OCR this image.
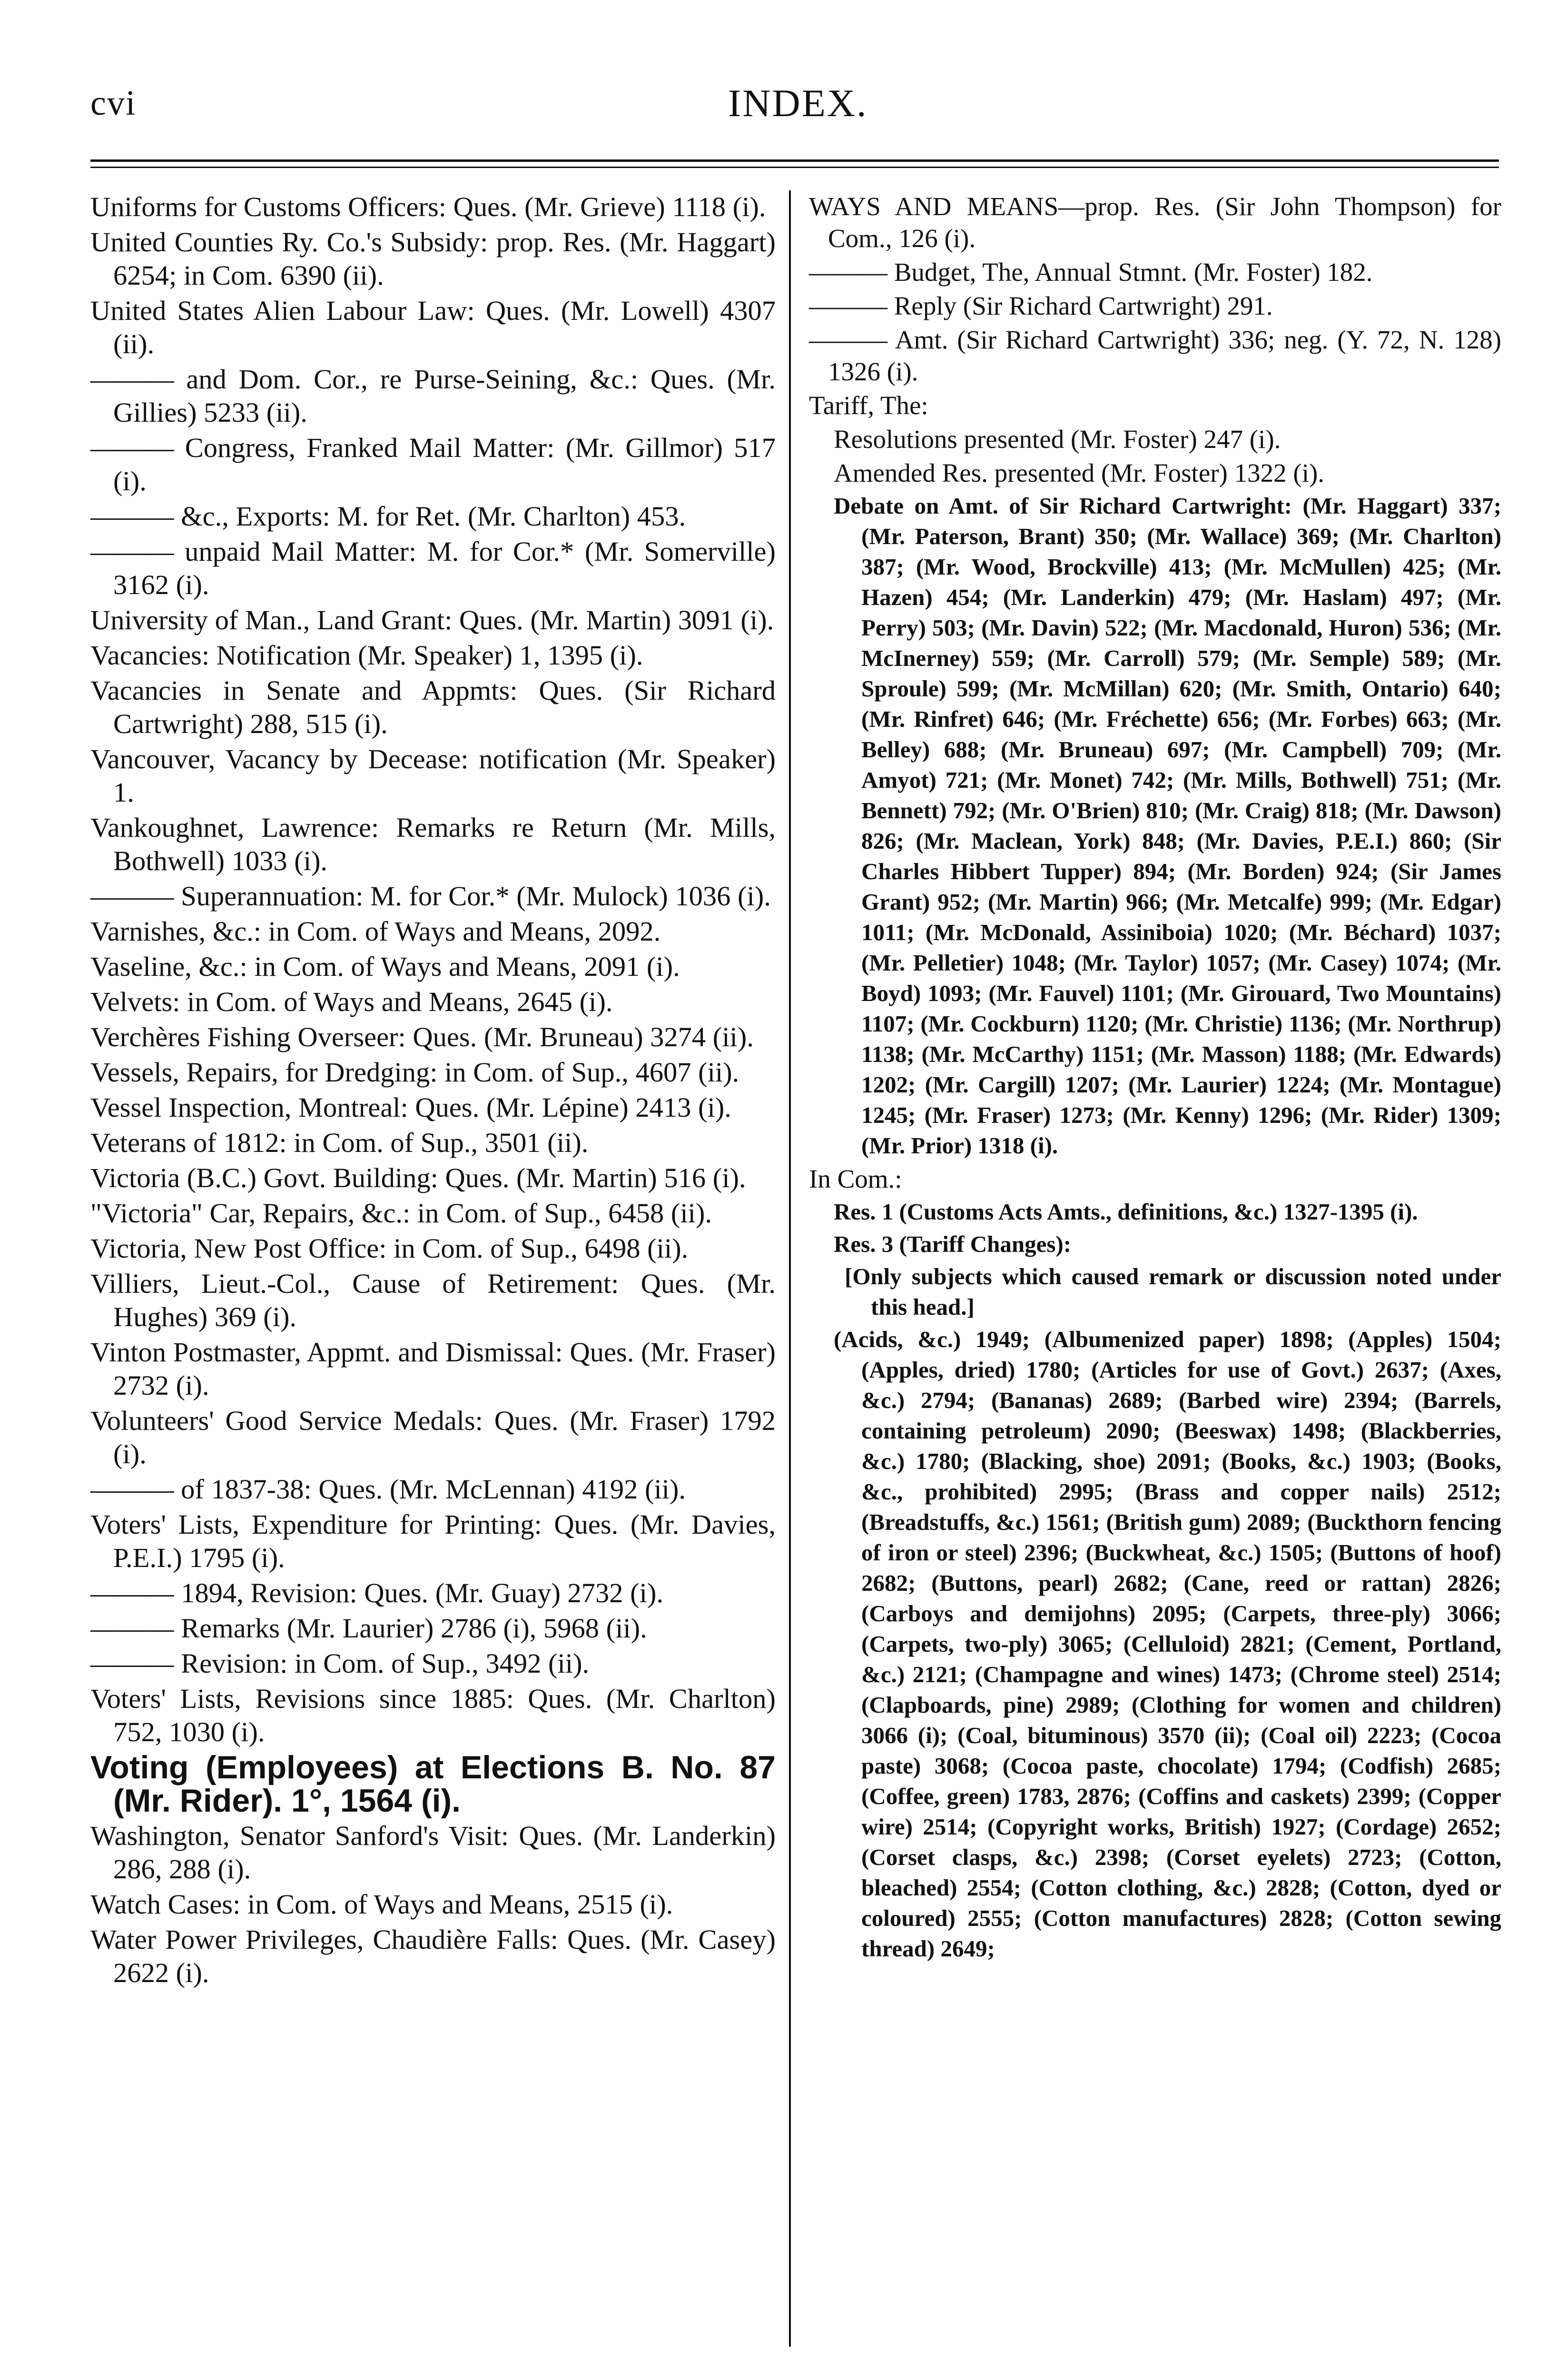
cvi	INDEX.

Uniforms for Customs Officers: Ques. (Mr. Grieve) 1118 (i).

United Counties Ry. Co.'s Subsidy: prop. Res. (Mr. Haggart) 6254; in Com. 6390 (ii).

United States Alien Labour Law: Ques. (Mr. Lowell) 4307 (ii).

——— and Dom. Cor., re Purse-Seining, &c.: Ques. (Mr. Gillies) 5233 (ii).

——— Congress, Franked Mail Matter: (Mr. Gillmor) 517 (i).

——— &c., Exports: M. for Ret. (Mr. Charlton) 453.

——— unpaid Mail Matter: M. for Cor.* (Mr. Somerville) 3162 (i).

University of Man., Land Grant: Ques. (Mr. Martin) 3091 (i).

Vacancies: Notification (Mr. Speaker) 1, 1395 (i).

Vacancies in Senate and Appmts: Ques. (Sir Richard Cartwright) 288, 515 (i).

Vancouver, Vacancy by Decease: notification (Mr. Speaker) 1.

Vankoughnet, Lawrence: Remarks re Return (Mr. Mills, Bothwell) 1033 (i).

——— Superannuation: M. for Cor.* (Mr. Mulock) 1036 (i).

Varnishes, &c.: in Com. of Ways and Means, 2092.

Vaseline, &c.: in Com. of Ways and Means, 2091 (i).

Velvets: in Com. of Ways and Means, 2645 (i).

Verchères Fishing Overseer: Ques. (Mr. Bruneau) 3274 (ii).

Vessels, Repairs, for Dredging: in Com. of Sup., 4607 (ii).

Vessel Inspection, Montreal: Ques. (Mr. Lépine) 2413 (i).

Veterans of 1812: in Com. of Sup., 3501 (ii).

Victoria (B.C.) Govt. Building: Ques. (Mr. Martin) 516 (i).

"Victoria" Car, Repairs, &c.: in Com. of Sup., 6458 (ii).

Victoria, New Post Office: in Com. of Sup., 6498 (ii).

Villiers, Lieut.-Col., Cause of Retirement: Ques. (Mr. Hughes) 369 (i).

Vinton Postmaster, Appmt. and Dismissal: Ques. (Mr. Fraser) 2732 (i).

Volunteers' Good Service Medals: Ques. (Mr. Fraser) 1792 (i).

——— of 1837-38: Ques. (Mr. McLennan) 4192 (ii).

Voters' Lists, Expenditure for Printing: Ques. (Mr. Davies, P.E.I.) 1795 (i).

——— 1894, Revision: Ques. (Mr. Guay) 2732 (i).

——— Remarks (Mr. Laurier) 2786 (i), 5968 (ii).

——— Revision: in Com. of Sup., 3492 (ii).

Voters' Lists, Revisions since 1885: Ques. (Mr. Charlton) 752, 1030 (i).

Voting (Employees) at Elections B. No. 87 (Mr. Rider). 1°, 1564 (i).

Washington, Senator Sanford's Visit: Ques. (Mr. Landerkin) 286, 288 (i).

Watch Cases: in Com. of Ways and Means, 2515 (i).

Water Power Privileges, Chaudière Falls: Ques. (Mr. Casey) 2622 (i).

WAYS AND MEANS—prop. Res. (Sir John Thompson) for Com., 126 (i).

——— Budget, The, Annual Stmnt. (Mr. Foster) 182.

——— Reply (Sir Richard Cartwright) 291.

——— Amt. (Sir Richard Cartwright) 336; neg. (Y. 72, N. 128) 1326 (i).

Tariff, The:

Resolutions presented (Mr. Foster) 247 (i).

Amended Res. presented (Mr. Foster) 1322 (i).

Debate on Amt. of Sir Richard Cartwright: (Mr. Haggart) 337; (Mr. Paterson, Brant) 350; (Mr. Wallace) 369; (Mr. Charlton) 387; (Mr. Wood, Brockville) 413; (Mr. McMullen) 425; (Mr. Hazen) 454; (Mr. Landerkin) 479; (Mr. Haslam) 497; (Mr. Perry) 503; (Mr. Davin) 522; (Mr. Macdonald, Huron) 536; (Mr. McInerney) 559; (Mr. Carroll) 579; (Mr. Semple) 589; (Mr. Sproule) 599; (Mr. McMillan) 620; (Mr. Smith, Ontario) 640; (Mr. Rinfret) 646; (Mr. Fréchette) 656; (Mr. Forbes) 663; (Mr. Belley) 688; (Mr. Bruneau) 697; (Mr. Campbell) 709; (Mr. Amyot) 721; (Mr. Monet) 742; (Mr. Mills, Bothwell) 751; (Mr. Bennett) 792; (Mr. O'Brien) 810; (Mr. Craig) 818; (Mr. Dawson) 826; (Mr. Maclean, York) 848; (Mr. Davies, P.E.I.) 860; (Sir Charles Hibbert Tupper) 894; (Mr. Borden) 924; (Sir James Grant) 952; (Mr. Martin) 966; (Mr. Metcalfe) 999; (Mr. Edgar) 1011; (Mr. McDonald, Assiniboia) 1020; (Mr. Béchard) 1037; (Mr. Pelletier) 1048; (Mr. Taylor) 1057; (Mr. Casey) 1074; (Mr. Boyd) 1093; (Mr. Fauvel) 1101; (Mr. Girouard, Two Mountains) 1107; (Mr. Cockburn) 1120; (Mr. Christie) 1136; (Mr. Northrup) 1138; (Mr. McCarthy) 1151; (Mr. Masson) 1188; (Mr. Edwards) 1202; (Mr. Cargill) 1207; (Mr. Laurier) 1224; (Mr. Montague) 1245; (Mr. Fraser) 1273; (Mr. Kenny) 1296; (Mr. Rider) 1309; (Mr. Prior) 1318 (i).

In Com.:

Res. 1 (Customs Acts Amts., definitions, &c.) 1327-1395 (i).

Res. 3 (Tariff Changes):

[Only subjects which caused remark or discussion noted under this head.]

(Acids, &c.) 1949; (Albumenized paper) 1898; (Apples) 1504; (Apples, dried) 1780; (Articles for use of Govt.) 2637; (Axes, &c.) 2794; (Bananas) 2689; (Barbed wire) 2394; (Barrels, containing petroleum) 2090; (Beeswax) 1498; (Blackberries, &c.) 1780; (Blacking, shoe) 2091; (Books, &c.) 1903; (Books, &c., prohibited) 2995; (Brass and copper nails) 2512; (Breadstuffs, &c.) 1561; (British gum) 2089; (Buckthorn fencing of iron or steel) 2396; (Buckwheat, &c.) 1505; (Buttons of hoof) 2682; (Buttons, pearl) 2682; (Cane, reed or rattan) 2826; (Carboys and demijohns) 2095; (Carpets, three-ply) 3066; (Carpets, two-ply) 3065; (Celluloid) 2821; (Cement, Portland, &c.) 2121; (Champagne and wines) 1473; (Chrome steel) 2514; (Clapboards, pine) 2989; (Clothing for women and children) 3066 (i); (Coal, bituminous) 3570 (ii); (Coal oil) 2223; (Cocoa paste) 3068; (Cocoa paste, chocolate) 1794; (Codfish) 2685; (Coffee, green) 1783, 2876; (Coffins and caskets) 2399; (Copper wire) 2514; (Copyright works, British) 1927; (Cordage) 2652; (Corset clasps, &c.) 2398; (Corset eyelets) 2723; (Cotton, bleached) 2554; (Cotton clothing, &c.) 2828; (Cotton, dyed or coloured) 2555; (Cotton manufactures) 2828; (Cotton sewing thread) 2649;
